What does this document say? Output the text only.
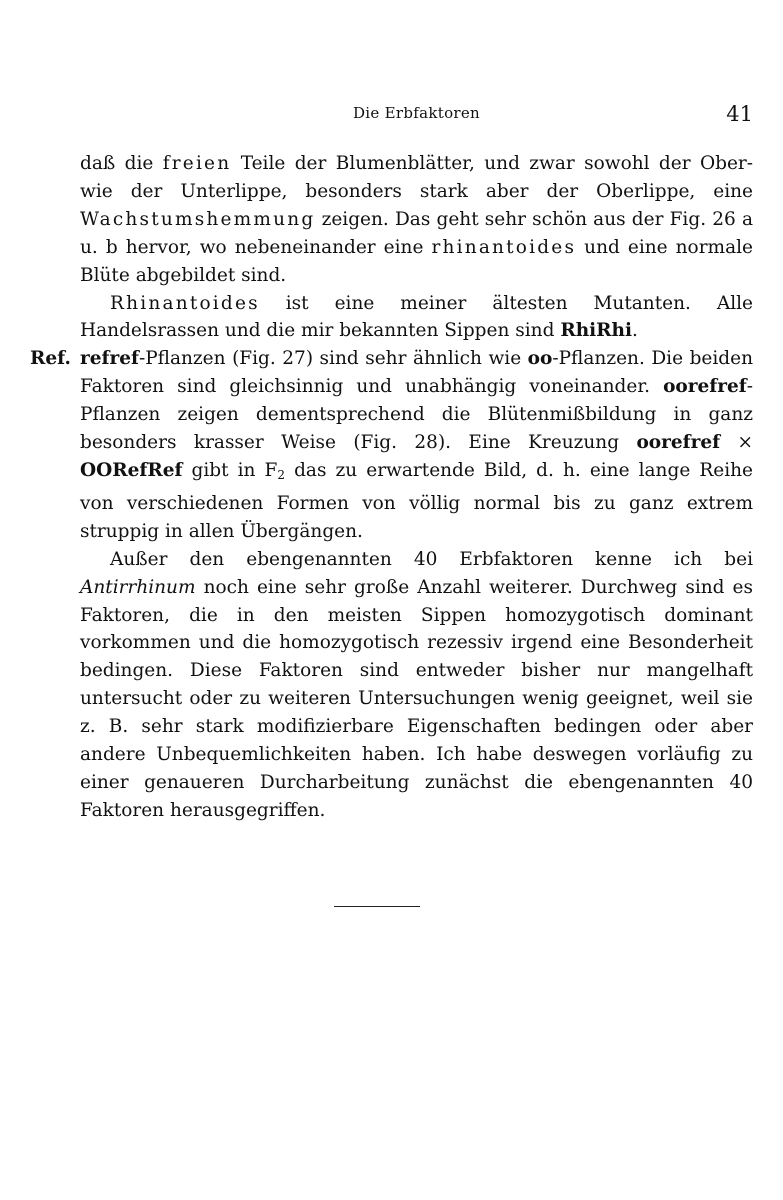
Die Erbfaktoren	41

daß die freien Teile der Blumenblätter, und zwar sowohl der Ober- wie der Unterlippe, besonders stark aber der Oberlippe, eine Wachstumshemmung zeigen. Das geht sehr schön aus der Fig. 26 a u. b hervor, wo nebeneinander eine rhinantoides und eine normale Blüte abgebildet sind.

Rhinantoides ist eine meiner ältesten Mutanten. Alle Handelsrassen und die mir bekannten Sippen sind RhiRhi.

Ref. refref-Pflanzen (Fig. 27) sind sehr ähnlich wie oo-Pflanzen. Die beiden Faktoren sind gleichsinnig und unabhängig voneinander. oorefref-Pflanzen zeigen dementsprechend die Blütenmißbildung in ganz besonders krasser Weise (Fig. 28). Eine Kreuzung oorefref × OORefRef gibt in $F_2$ das zu erwartende Bild, d. h. eine lange Reihe von verschiedenen Formen von völlig normal bis zu ganz extrem struppig in allen Übergängen.

Außer den ebengenannten 40 Erbfaktoren kenne ich bei Antirrhinum noch eine sehr große Anzahl weiterer. Durchweg sind es Faktoren, die in den meisten Sippen homozygotisch dominant vorkommen und die homozygotisch rezessiv irgend eine Besonderheit bedingen. Diese Faktoren sind entweder bisher nur mangelhaft untersucht oder zu weiteren Untersuchungen wenig geeignet, weil sie z. B. sehr stark modifizierbare Eigenschaften bedingen oder aber andere Unbequemlichkeiten haben. Ich habe deswegen vorläufig zu einer genaueren Durcharbeitung zunächst die ebengenannten 40 Faktoren herausgegriffen.
